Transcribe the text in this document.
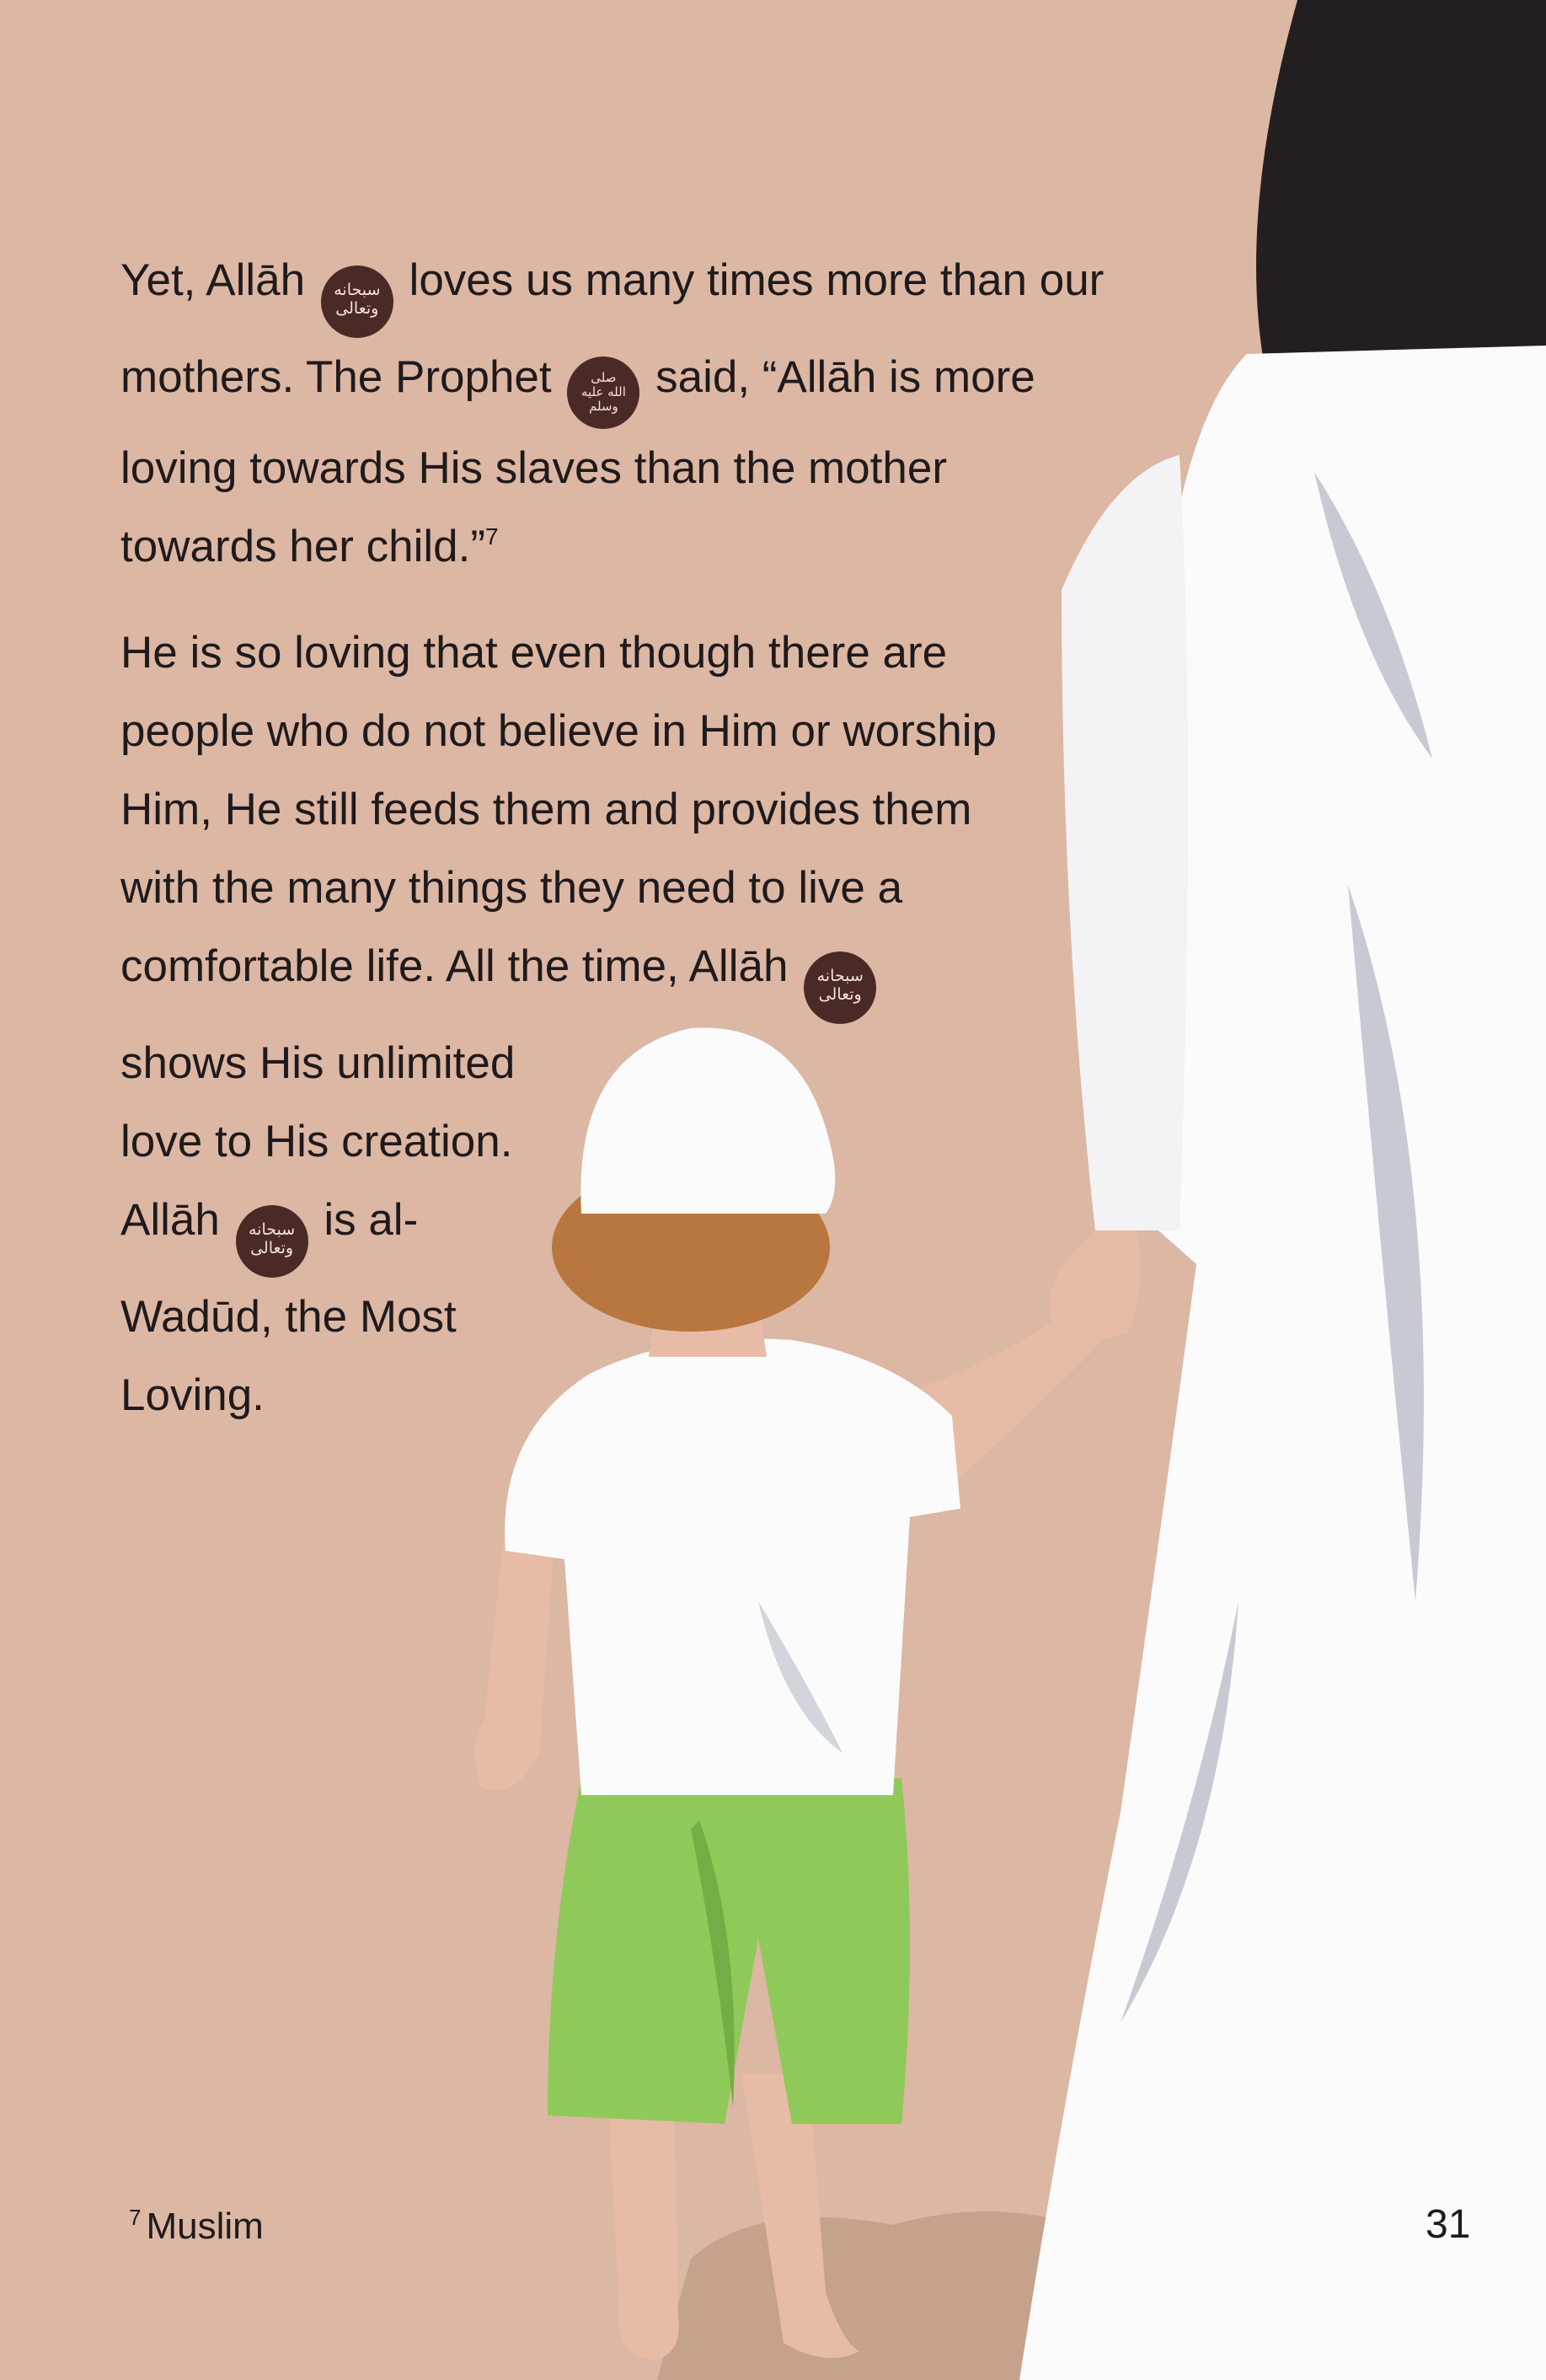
Yet, Allāh	سبحانه
وتعالى
loves us many times more than our
mothers. The Prophet	صلى
الله عليه
وسلم
said, “Allāh is more
loving towards His slaves than the mother
towards her child.”$^7$

He is so loving that even though there are
people who do not believe in Him or worship
Him, He still feeds them and provides them
with the many things they need to live a
comfortable life. All the time, Allāh	سبحانه
وتعالى
shows His unlimited
love to His creation.
Allāh	سبحانه
وتعالى
is al-
Wadūd, the Most
Loving.

$^7$ Muslim	31
